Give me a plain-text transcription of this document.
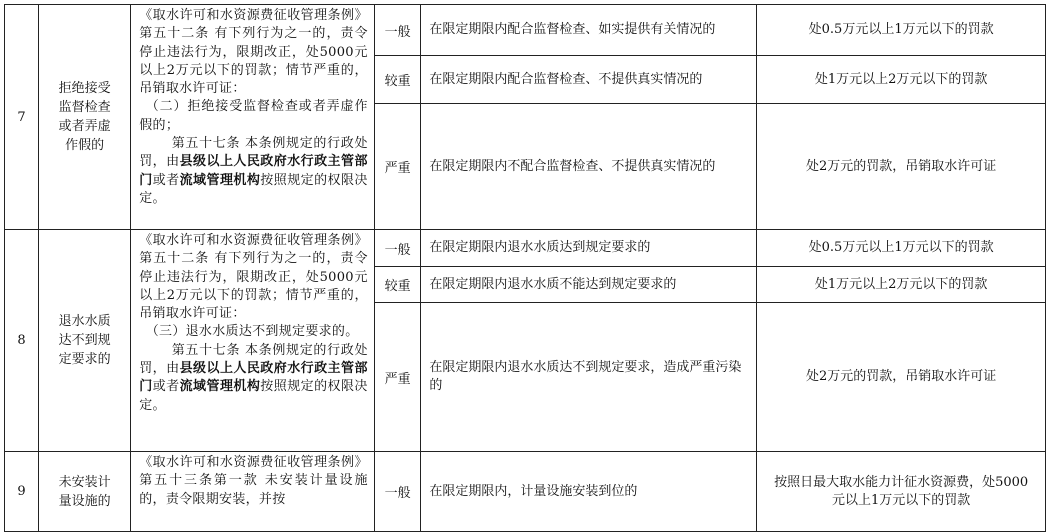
7	拒绝接受监督检查或者弄虚作假的	《取水许可和水资源费征收管理条例》第五十二条 有下列行为之一的，责令停止违法行为，限期改正，处5000元以上2万元以下的罚款；情节严重的，吊销取水许可证：
（二）拒绝接受监督检查或者弄虚作假的；
第五十七条 本条例规定的行政处罚，由县级以上人民政府水行政主管部门或者流域管理机构按照规定的权限决定。	一般	在限定期限内配合监督检查、如实提供有关情况的	处0.5万元以上1万元以下的罚款

			较重	在限定期限内配合监督检查、不提供真实情况的	处1万元以上2万元以下的罚款

			严重	在限定期限内不配合监督检查、不提供真实情况的	处2万元的罚款，吊销取水许可证

8	退水水质达不到规定要求的	《取水许可和水资源费征收管理条例》第五十二条 有下列行为之一的，责令停止违法行为，限期改正，处5000元以上2万元以下的罚款；情节严重的，吊销取水许可证：
（三）退水水质达不到规定要求的。
第五十七条 本条例规定的行政处罚，由县级以上人民政府水行政主管部门或者流域管理机构按照规定的权限决定。	一般	在限定期限内退水水质达到规定要求的	处0.5万元以上1万元以下的罚款

			较重	在限定期限内退水水质不能达到规定要求的	处1万元以上2万元以下的罚款

			严重	在限定期限内退水水质达不到规定要求，造成严重污染的	处2万元的罚款，吊销取水许可证

9	未安装计量设施的	《取水许可和水资源费征收管理条例》第五十三条第一款 未安装计量设施的，责令限期安装，并按	一般	在限定期限内，计量设施安装到位的	按照日最大取水能力计征水资源费，处5000元以上1万元以下的罚款
